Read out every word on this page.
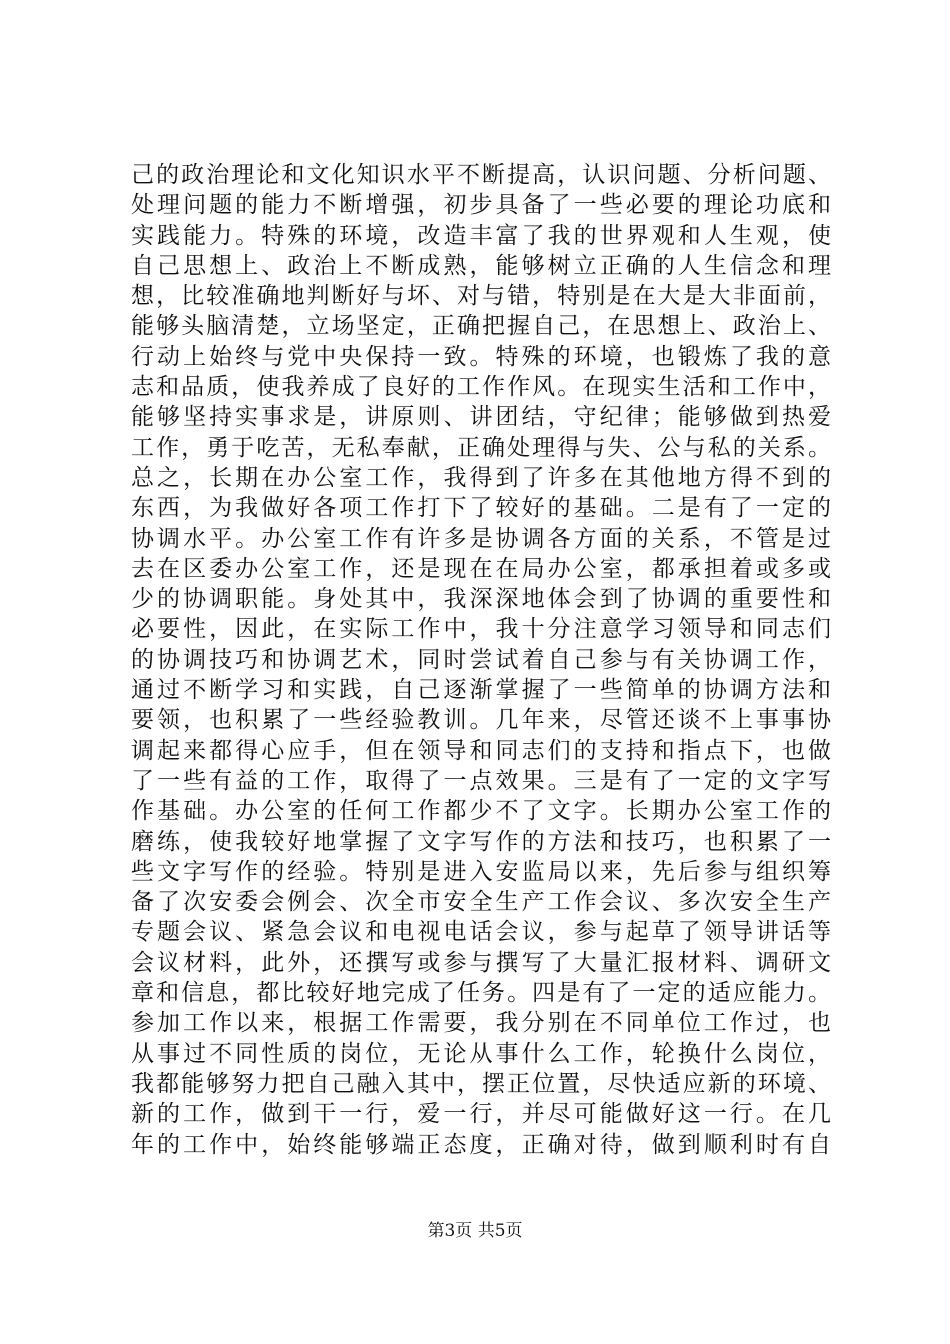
己的政治理论和文化知识水平不断提高，认识问题、分析问题、
处理问题的能力不断增强，初步具备了一些必要的理论功底和
实践能力。特殊的环境，改造丰富了我的世界观和人生观，使
自己思想上、政治上不断成熟，能够树立正确的人生信念和理
想，比较准确地判断好与坏、对与错，特别是在大是大非面前，
能够头脑清楚，立场坚定，正确把握自己，在思想上、政治上、
行动上始终与党中央保持一致。特殊的环境，也锻炼了我的意
志和品质，使我养成了良好的工作作风。在现实生活和工作中，
能够坚持实事求是，讲原则、讲团结，守纪律；能够做到热爱
工作，勇于吃苦，无私奉献，正确处理得与失、公与私的关系。
总之，长期在办公室工作，我得到了许多在其他地方得不到的
东西，为我做好各项工作打下了较好的基础。二是有了一定的
协调水平。办公室工作有许多是协调各方面的关系，不管是过
去在区委办公室工作，还是现在在局办公室，都承担着或多或
少的协调职能。身处其中，我深深地体会到了协调的重要性和
必要性，因此，在实际工作中，我十分注意学习领导和同志们
的协调技巧和协调艺术，同时尝试着自己参与有关协调工作，
通过不断学习和实践，自己逐渐掌握了一些简单的协调方法和
要领，也积累了一些经验教训。几年来，尽管还谈不上事事协
调起来都得心应手，但在领导和同志们的支持和指点下，也做
了一些有益的工作，取得了一点效果。三是有了一定的文字写
作基础。办公室的任何工作都少不了文字。长期办公室工作的
磨练，使我较好地掌握了文字写作的方法和技巧，也积累了一
些文字写作的经验。特别是进入安监局以来，先后参与组织筹
备了次安委会例会、次全市安全生产工作会议、多次安全生产
专题会议、紧急会议和电视电话会议，参与起草了领导讲话等
会议材料，此外，还撰写或参与撰写了大量汇报材料、调研文
章和信息，都比较好地完成了任务。四是有了一定的适应能力。
参加工作以来，根据工作需要，我分别在不同单位工作过，也
从事过不同性质的岗位，无论从事什么工作，轮换什么岗位，
我都能够努力把自己融入其中，摆正位置，尽快适应新的环境、
新的工作，做到干一行，爱一行，并尽可能做好这一行。在几
年的工作中，始终能够端正态度，正确对待，做到顺利时有自
第3页 共5页
